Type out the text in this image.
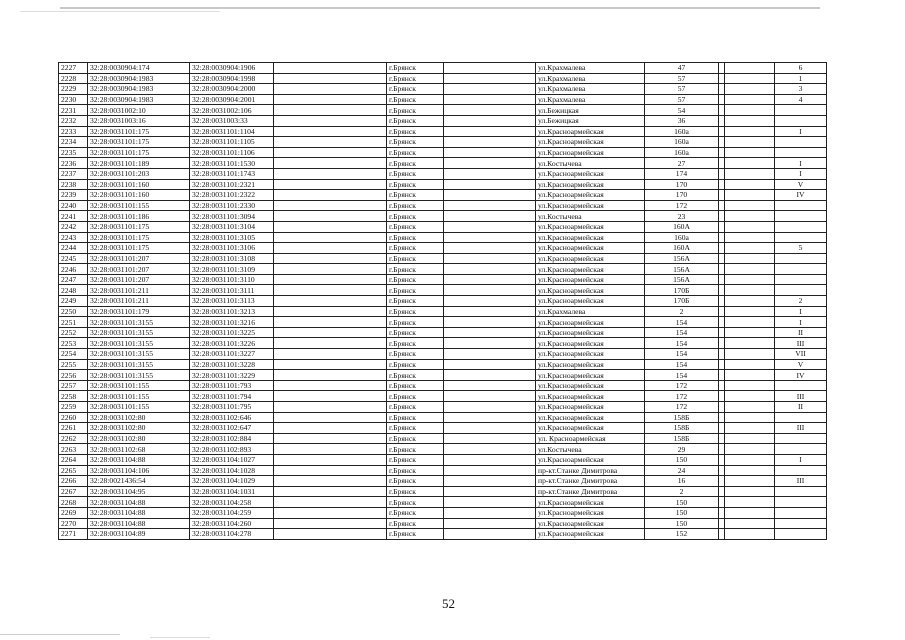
2227	32:28:0030904:174	32:28:0030904:1906		г.Брянск		ул.Крахмалева	47			6
2228	32:28:0030904:1983	32:28:0030904:1998		г.Брянск		ул.Крахмалева	57			1
2229	32:28:0030904:1983	32:28:0030904:2000		г.Брянск		ул.Крахмалева	57			3
2230	32:28:0030904:1983	32:28:0030904:2001		г.Брянск		ул.Крахмалева	57			4
2231	32:28:0031002:10	32:28:0031002:106		г.Брянск		ул.Бежицкая	54			
2232	32:28:0031003:16	32:28:0031003:33		г.Брянск		ул.Бежицкая	36			
2233	32:28:0031101:175	32:28:0031101:1104		г.Брянск		ул.Красноармейская	160а			I
2234	32:28:0031101:175	32:28:0031101:1105		г.Брянск		ул.Красноармейская	160а			
2235	32:28:0031101:175	32:28:0031101:1106		г.Брянск		ул.Красноармейская	160а			
2236	32:28:0031101:189	32:28:0031101:1530		г.Брянск		ул.Костычева	27			I
2237	32:28:0031101:203	32:28:0031101:1743		г.Брянск		ул.Красноармейская	174			I
2238	32:28:0031101:160	32:28:0031101:2321		г.Брянск		ул.Красноармейская	170			V
2239	32:28:0031101:160	32:28:0031101:2322		г.Брянск		ул.Красноармейская	170			IV
2240	32:28:0031101:155	32:28:0031101:2330		г.Брянск		ул.Красноармейская	172			
2241	32:28:0031101:186	32:28:0031101:3094		г.Брянск		ул.Костычева	23			
2242	32:28:0031101:175	32:28:0031101:3104		г.Брянск		ул.Красноармейская	160А			
2243	32:28:0031101:175	32:28:0031101:3105		г.Брянск		ул.Красноармейская	160а			
2244	32:28:0031101:175	32:28:0031101:3106		г.Брянск		ул.Красноармейская	160А			5
2245	32:28:0031101:207	32:28:0031101:3108		г.Брянск		ул.Красноармейская	156А			
2246	32:28:0031101:207	32:28:0031101:3109		г.Брянск		ул.Красноармейская	156А			
2247	32:28:0031101:207	32:28:0031101:3110		г.Брянск		ул.Красноармейская	156А			
2248	32:28:0031101:211	32:28:0031101:3111		г.Брянск		ул.Красноармейская	170Б			
2249	32:28:0031101:211	32:28:0031101:3113		г.Брянск		ул.Красноармейская	170Б			2
2250	32:28:0031101:179	32:28:0031101:3213		г.Брянск		ул.Крахмалева	2			I
2251	32:28:0031101:3155	32:28:0031101:3216		г.Брянск		ул.Красноармейская	154			I
2252	32:28:0031101:3155	32:28:0031101:3225		г.Брянск		ул.Красноармейская	154			II
2253	32:28:0031101:3155	32:28:0031101:3226		г.Брянск		ул.Красноармейская	154			III
2254	32:28:0031101:3155	32:28:0031101:3227		г.Брянск		ул.Красноармейская	154			VII
2255	32:28:0031101:3155	32:28:0031101:3228		г.Брянск		ул.Красноармейская	154			V
2256	32:28:0031101:3155	32:28:0031101:3229		г.Брянск		ул.Красноармейская	154			IV
2257	32:28:0031101:155	32:28:0031101:793		г.Брянск		ул.Красноармейская	172			
2258	32:28:0031101:155	32:28:0031101:794		г.Брянск		ул.Красноармейская	172			III
2259	32:28:0031101:155	32:28:0031101:795		г.Брянск		ул.Красноармейская	172			II
2260	32:28:0031102:80	32:28:0031102:646		г.Брянск		ул.Красноармейская	158Б			
2261	32:28:0031102:80	32:28:0031102:647		г.Брянск		ул.Красноармейская	158Б			III
2262	32:28:0031102:80	32:28:0031102:884		г.Брянск		ул. Красноармейская	158Б			
2263	32:28:0031102:68	32:28:0031102:893		г.Брянск		ул.Костычева	29			
2264	32:28:0031104:88	32:28:0031104:1027		г.Брянск		ул.Красноармейская	150			I
2265	32:28:0031104:106	32:28:0031104:1028		г.Брянск		пр-кт.Станке Димитрова	24			
2266	32:28:0021436:54	32:28:0031104:1029		г.Брянск		пр-кт.Станке Димитрова	16			III
2267	32:28:0031104:95	32:28:0031104:1031		г.Брянск		пр-кт.Станке Димитрова	2			
2268	32:28:0031104:88	32:28:0031104:258		г.Брянск		ул.Красноармейская	150			
2269	32:28:0031104:88	32:28:0031104:259		г.Брянск		ул.Красноармейская	150			
2270	32:28:0031104:88	32:28:0031104:260		г.Брянск		ул.Красноармейская	150			
2271	32:28:0031104:89	32:28:0031104:278		г.Брянск		ул.Красноармейская	152			
52
